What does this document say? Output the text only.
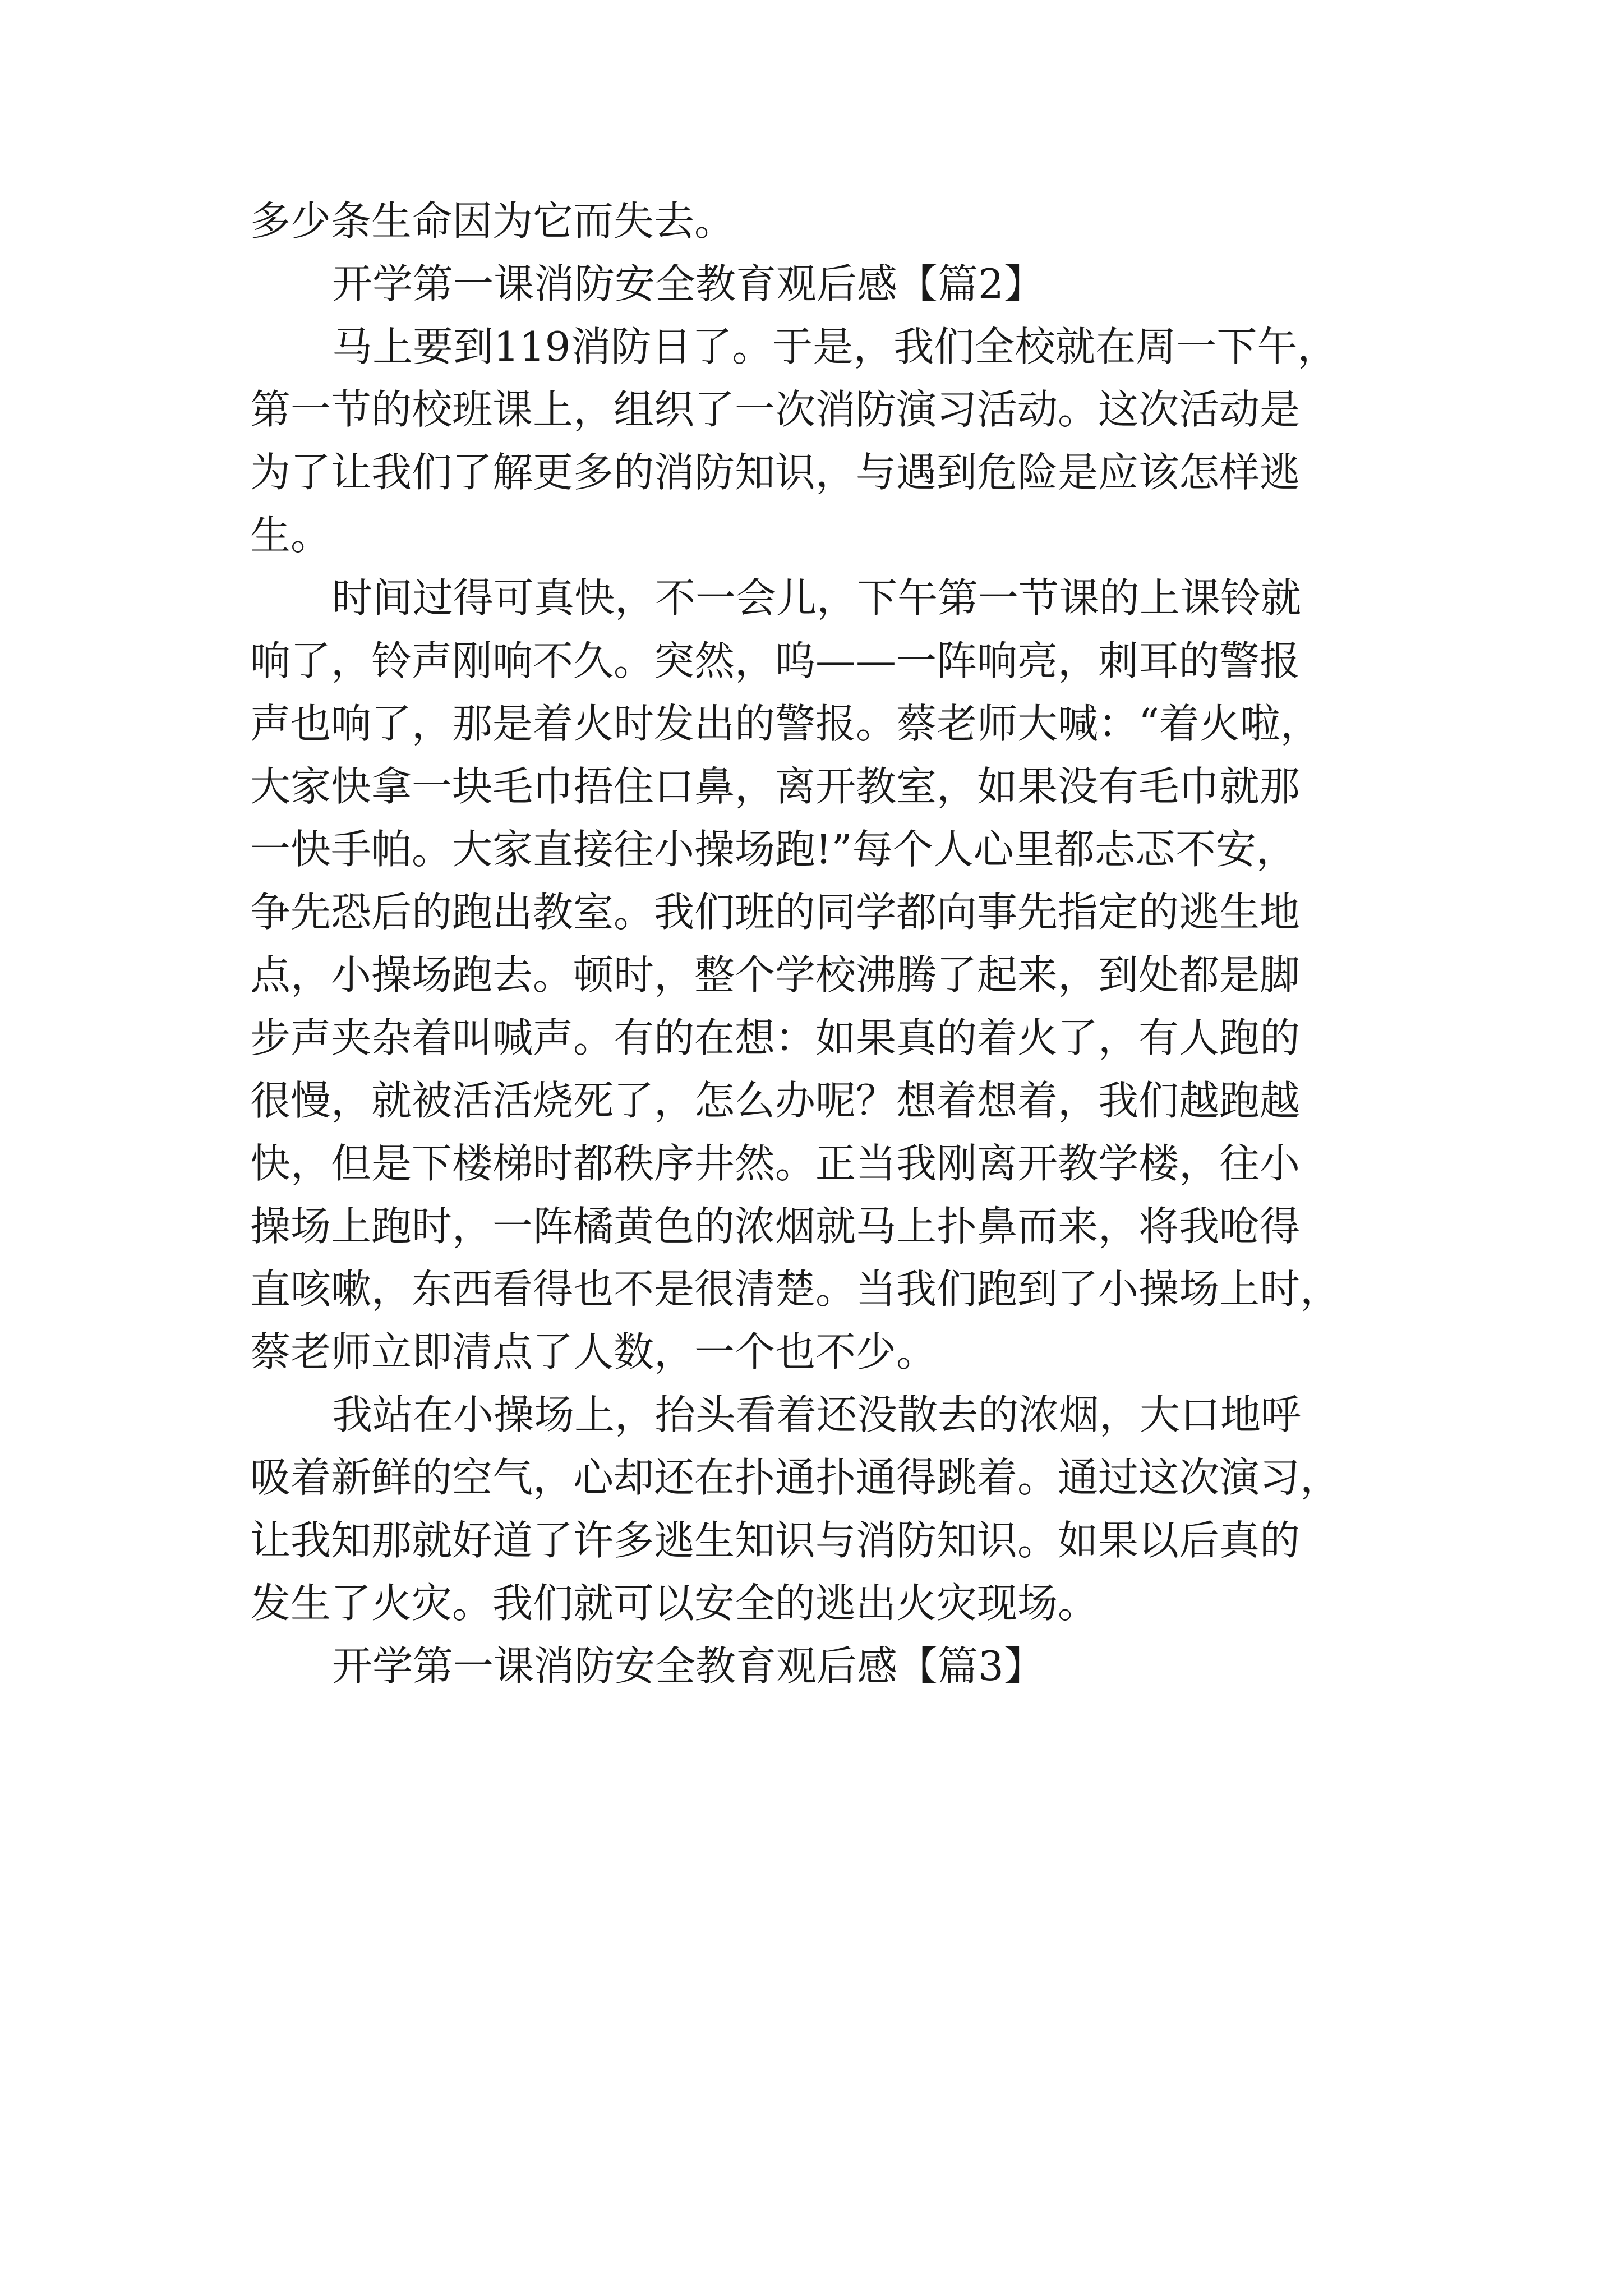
多少条生命因为它而失去。
开学第一课消防安全教育观后感【篇2】
马上要到119消防日了。于是，我们全校就在周一下午，
第一节的校班课上，组织了一次消防演习活动。这次活动是
为了让我们了解更多的消防知识，与遇到危险是应该怎样逃
生。
时间过得可真快，不一会儿，下午第一节课的上课铃就
响了，铃声刚响不久。突然，呜——一阵响亮，刺耳的警报
声也响了，那是着火时发出的警报。蔡老师大喊：“着火啦，
大家快拿一块毛巾捂住口鼻，离开教室，如果没有毛巾就那
一快手帕。大家直接往小操场跑!”每个人心里都忐忑不安，
争先恐后的跑出教室。我们班的同学都向事先指定的逃生地
点，小操场跑去。顿时，整个学校沸腾了起来，到处都是脚
步声夹杂着叫喊声。有的在想：如果真的着火了，有人跑的
很慢，就被活活烧死了，怎么办呢？想着想着，我们越跑越
快，但是下楼梯时都秩序井然。正当我刚离开教学楼，往小
操场上跑时，一阵橘黄色的浓烟就马上扑鼻而来，将我呛得
直咳嗽，东西看得也不是很清楚。当我们跑到了小操场上时，
蔡老师立即清点了人数，一个也不少。
我站在小操场上，抬头看着还没散去的浓烟，大口地呼
吸着新鲜的空气，心却还在扑通扑通得跳着。通过这次演习，
让我知那就好道了许多逃生知识与消防知识。如果以后真的
发生了火灾。我们就可以安全的逃出火灾现场。
开学第一课消防安全教育观后感【篇3】
